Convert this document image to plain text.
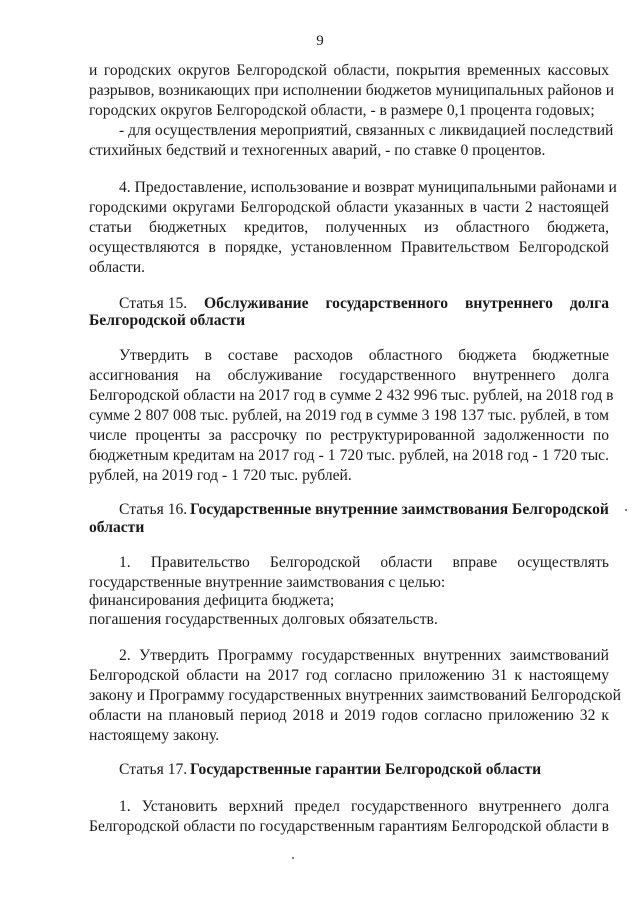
9
и городских округов Белгородской области, покрытия временных кассовых
разрывов, возникающих при исполнении бюджетов муниципальных районов и
городских округов Белгородской области, - в размере 0,1 процента годовых;
- для осуществления мероприятий, связанных с ликвидацией последствий
стихийных бедствий и техногенных аварий, - по ставке 0 процентов.
4. Предоставление, использование и возврат муниципальными районами и
городскими округами Белгородской области указанных в части 2 настоящей
статьи бюджетных кредитов, полученных из областного бюджета,
осуществляются в порядке, установленном Правительством Белгородской
области.
Статья 15. Обслуживание государственного внутреннего долга
Белгородской области
Утвердить в составе расходов областного бюджета бюджетные
ассигнования на обслуживание государственного внутреннего долга
Белгородской области на 2017 год в сумме 2 432 996 тыс. рублей, на 2018 год в
сумме 2 807 008 тыс. рублей, на 2019 год в сумме 3 198 137 тыс. рублей, в том
числе проценты за рассрочку по реструктурированной задолженности по
бюджетным кредитам на 2017 год - 1 720 тыс. рублей, на 2018 год - 1 720 тыс.
рублей, на 2019 год - 1 720 тыс. рублей.
Статья 16. Государственные внутренние заимствования Белгородской
области
1. Правительство Белгородской области вправе осуществлять
государственные внутренние заимствования с целью:
финансирования дефицита бюджета;
погашения государственных долговых обязательств.
2. Утвердить Программу государственных внутренних заимствований
Белгородской области на 2017 год согласно приложению 31 к настоящему
закону и Программу государственных внутренних заимствований Белгородской
области на плановый период 2018 и 2019 годов согласно приложению 32 к
настоящему закону.
Статья 17. Государственные гарантии Белгородской области
1. Установить верхний предел государственного внутреннего долга
Белгородской области по государственным гарантиям Белгородской области в
